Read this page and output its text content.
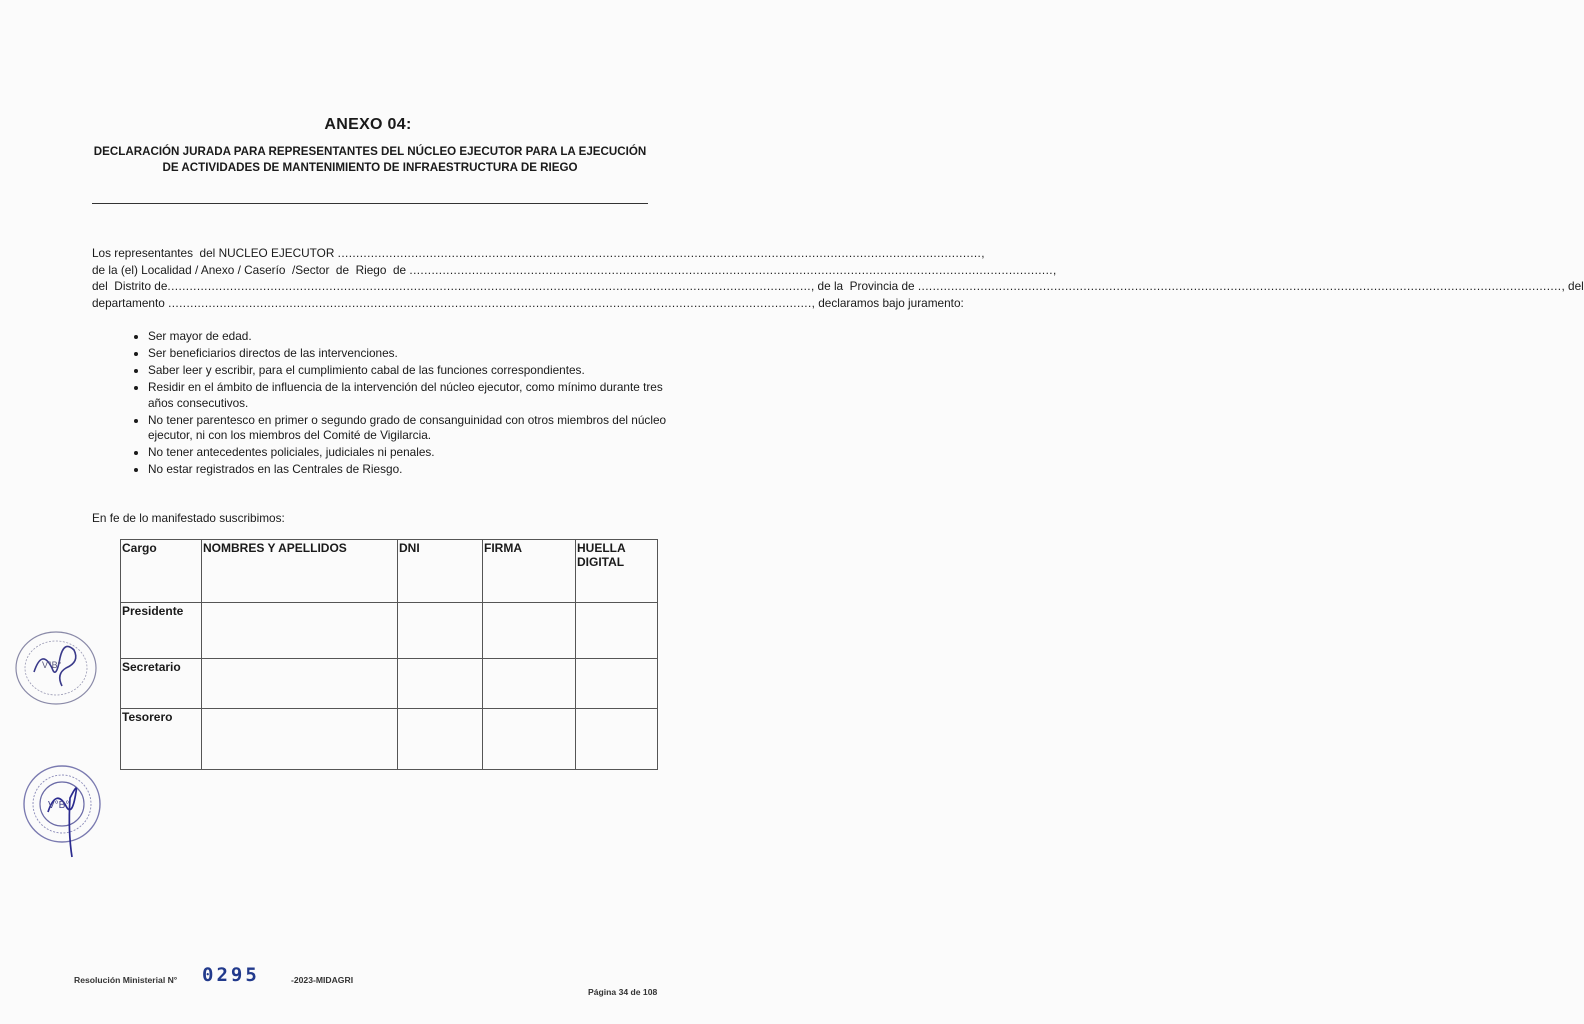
ANEXO 04:
DECLARACIÓN JURADA PARA REPRESENTANTES DEL NÚCLEO EJECUTOR PARA LA EJECUCIÓN DE ACTIVIDADES DE MANTENIMIENTO DE INFRAESTRUCTURA DE RIEGO
Los representantes  del NUCLEO EJECUTOR ............................................................................................................................................................................... ,
de la (el) Localidad / Anexo / Caserío  /Sector  de  Riego  de ............................................................................................................................................................................... ,
del  Distrito de ............................................................................................................................................................................... , de la  Provincia de ............................................................................................................................................................................... , del
departamento ............................................................................................................................................................................... , declaramos bajo juramento:
• Ser mayor de edad.
• Ser beneficiarios directos de las intervenciones.
• Saber leer y escribir, para el cumplimiento cabal de las funciones correspondientes.
• Residir en el ámbito de influencia de la intervención del núcleo ejecutor, como mínimo durante tres años consecutivos.
• No tener parentesco en primer o segundo grado de consanguinidad con otros miembros del núcleo ejecutor, ni con los miembros del Comité de Vigilarcia.
• No tener antecedentes policiales, judiciales ni penales.
• No estar registrados en las Centrales de Riesgo.
En fe de lo manifestado suscribimos:
Cargo	NOMBRES Y APELLIDOS	DNI	FIRMA	HUELLA DIGITAL
Presidente				
Secretario				
Tesorero				
V°B°
V°B°
Resolución Ministerial N° 0295	-2023-MIDAGRI
Página 34 de 108
